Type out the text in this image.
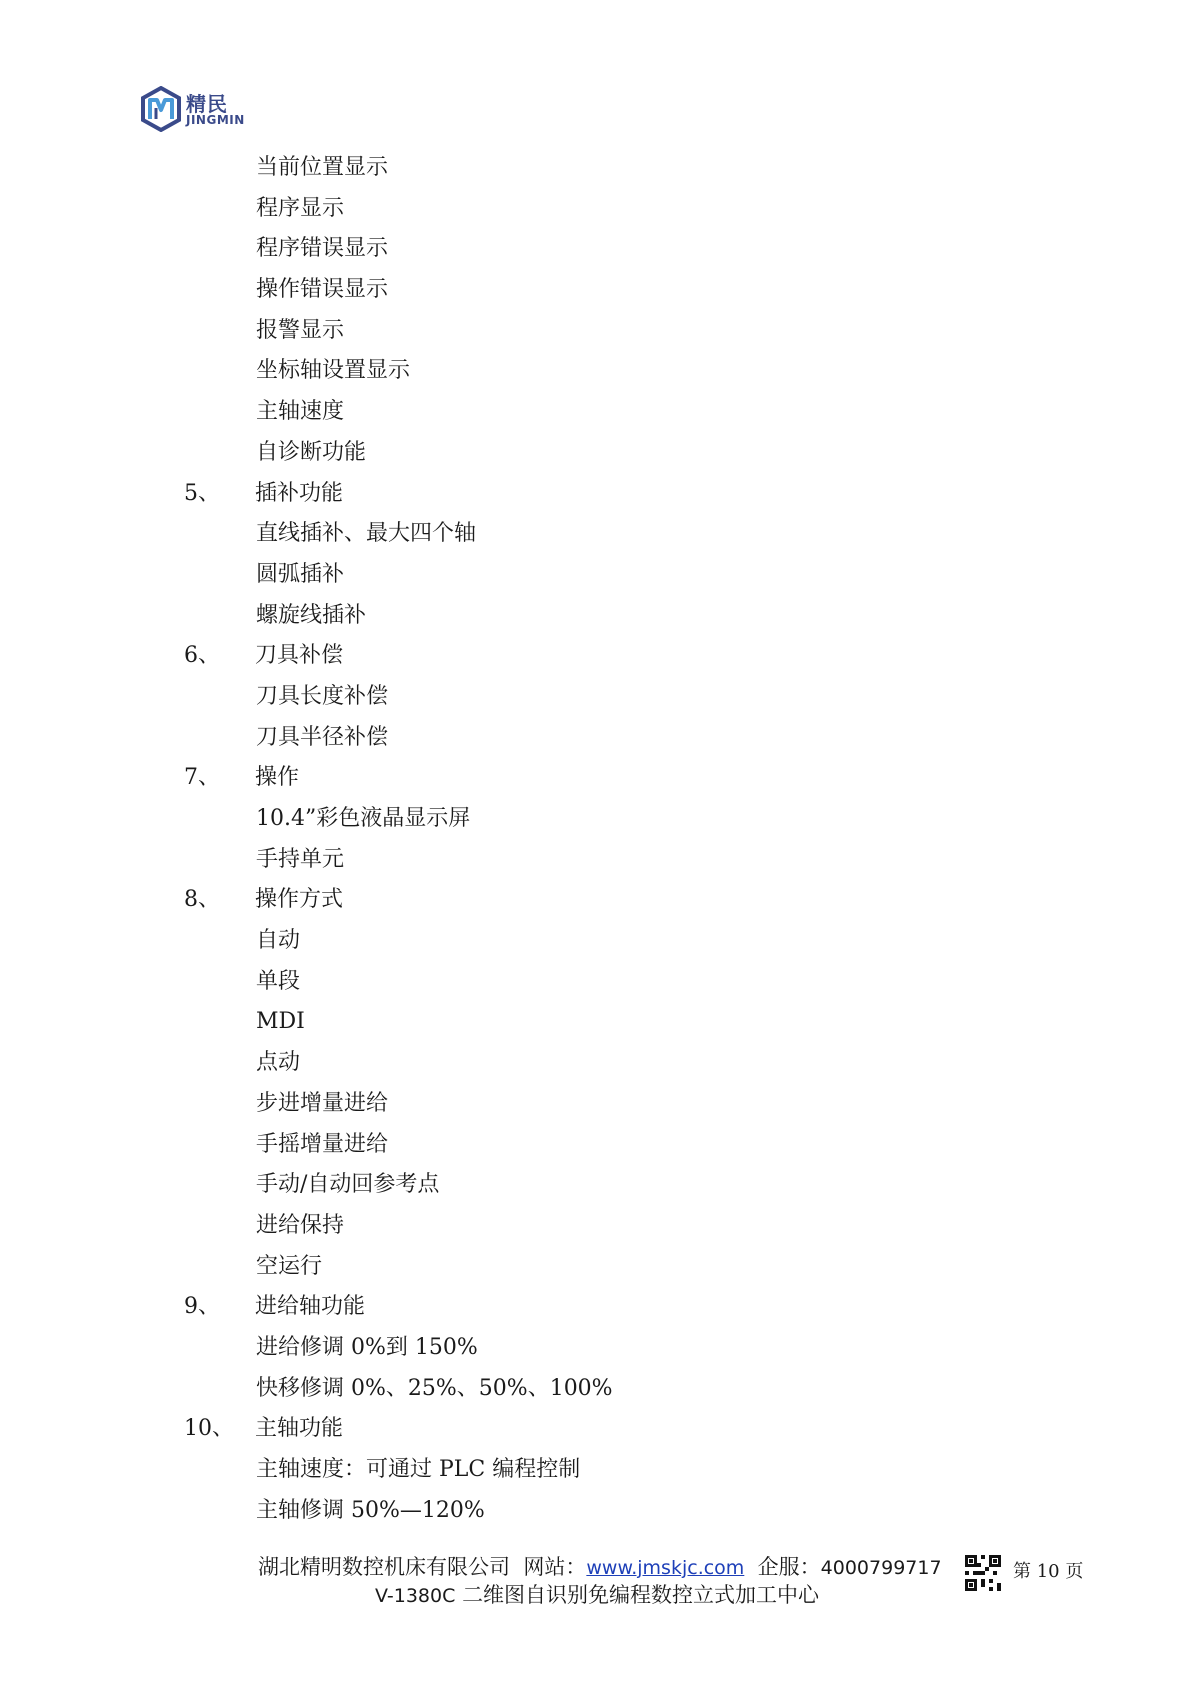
精民
JINGMIN
当前位置显示
程序显示
程序错误显示
操作错误显示
报警显示
坐标轴设置显示
主轴速度
自诊断功能
5、 插补功能
直线插补、最大四个轴
圆弧插补
螺旋线插补
6、 刀具补偿
刀具长度补偿
刀具半径补偿
7、 操作
10.4”彩色液晶显示屏
手持单元
8、 操作方式
自动
单段
MDI
点动
步进增量进给
手摇增量进给
手动/自动回参考点
进给保持
空运行
9、 进给轴功能
进给修调 0%到 150%
快移修调 0%、25%、50%、100%
10、 主轴功能
主轴速度：可通过 PLC 编程控制
主轴修调 50%—120%
湖北精明数控机床有限公司 网站：www.jmskjc.com 企服：4000799717
V-1380C 二维图自识别免编程数控立式加工中心
第 10 页
